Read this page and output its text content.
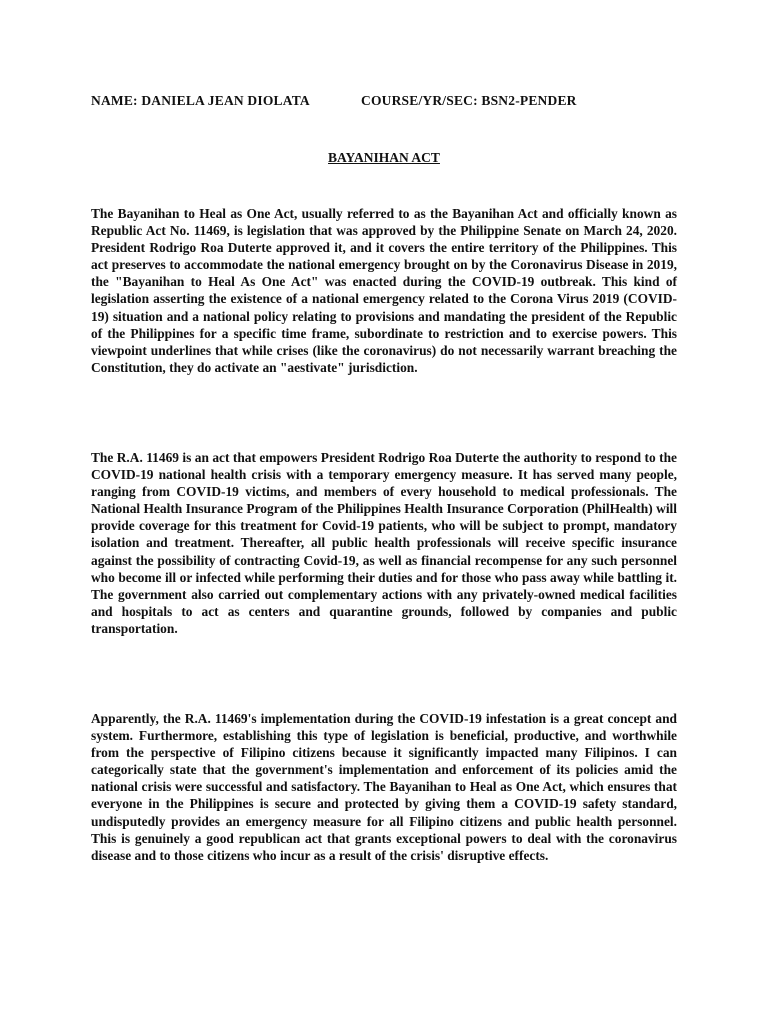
NAME: DANIELA JEAN DIOLATA	COURSE/YR/SEC: BSN2-PENDER
BAYANIHAN ACT
The Bayanihan to Heal as One Act, usually referred to as the Bayanihan Act and officially known as Republic Act No. 11469, is legislation that was approved by the Philippine Senate on March 24, 2020. President Rodrigo Roa Duterte approved it, and it covers the entire territory of the Philippines. This act preserves to accommodate the national emergency brought on by the Coronavirus Disease in 2019, the "Bayanihan to Heal As One Act" was enacted during the COVID-19 outbreak. This kind of legislation asserting the existence of a national emergency related to the Corona Virus 2019 (COVID-19) situation and a national policy relating to provisions and mandating the president of the Republic of the Philippines for a specific time frame, subordinate to restriction and to exercise powers. This viewpoint underlines that while crises (like the coronavirus) do not necessarily warrant breaching the Constitution, they do activate an "aestivate" jurisdiction.
The R.A. 11469 is an act that empowers President Rodrigo Roa Duterte the authority to respond to the COVID-19 national health crisis with a temporary emergency measure. It has served many people, ranging from COVID-19 victims, and members of every household to medical professionals. The National Health Insurance Program of the Philippines Health Insurance Corporation (PhilHealth) will provide coverage for this treatment for Covid-19 patients, who will be subject to prompt, mandatory isolation and treatment. Thereafter, all public health professionals will receive specific insurance against the possibility of contracting Covid-19, as well as financial recompense for any such personnel who become ill or infected while performing their duties and for those who pass away while battling it. The government also carried out complementary actions with any privately-owned medical facilities and hospitals to act as centers and quarantine grounds, followed by companies and public transportation.
Apparently, the R.A. 11469's implementation during the COVID-19 infestation is a great concept and system. Furthermore, establishing this type of legislation is beneficial, productive, and worthwhile from the perspective of Filipino citizens because it significantly impacted many Filipinos. I can categorically state that the government's implementation and enforcement of its policies amid the national crisis were successful and satisfactory. The Bayanihan to Heal as One Act, which ensures that everyone in the Philippines is secure and protected by giving them a COVID-19 safety standard, undisputedly provides an emergency measure for all Filipino citizens and public health personnel. This is genuinely a good republican act that grants exceptional powers to deal with the coronavirus disease and to those citizens who incur as a result of the crisis' disruptive effects.
